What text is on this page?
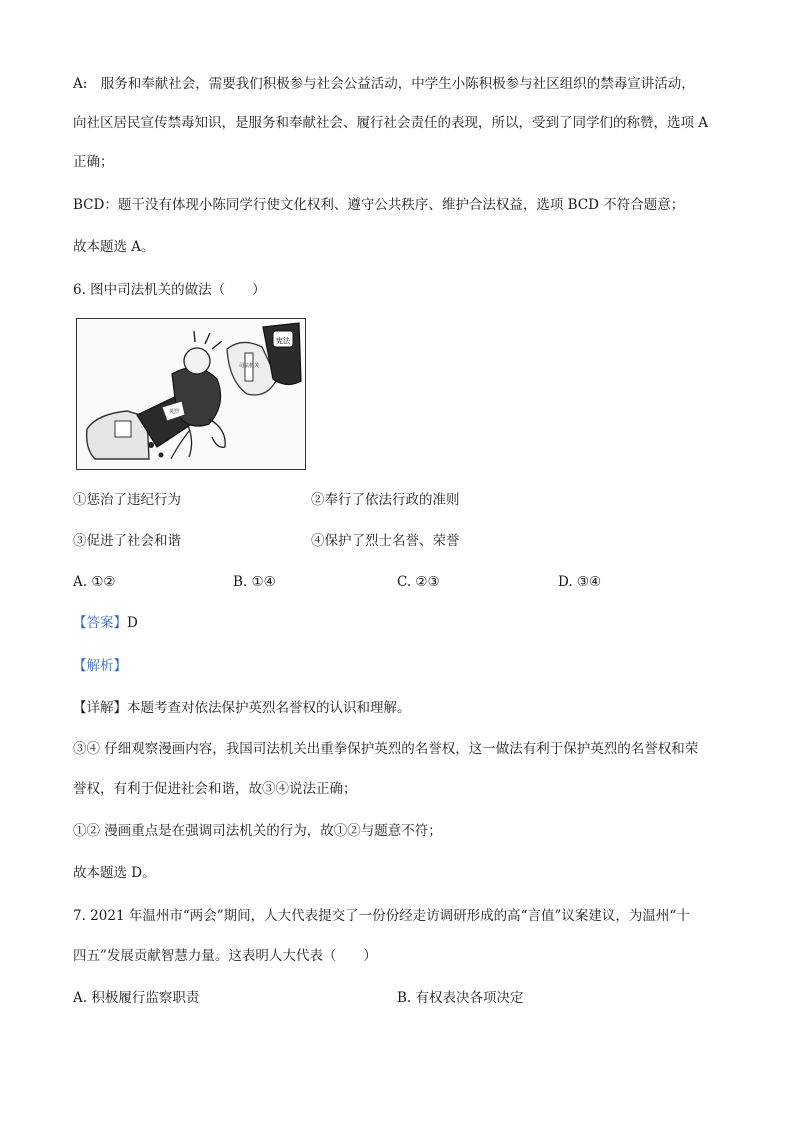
A:　服务和奉献社会，需要我们积极参与社会公益活动，中学生小陈积极参与社区组织的禁毒宣讲活动，
向社区居民宣传禁毒知识，是服务和奉献社会、履行社会责任的表现，所以，受到了同学们的称赞，选项 A
正确；
BCD：题干没有体现小陈同学行使文化权利、遵守公共秩序、维护合法权益，选项 BCD 不符合题意；
故本题选 A。
6. 图中司法机关的做法（　　）
宪法
司法机关
英烈
①惩治了违纪行为	②奉行了依法行政的准则
③促进了社会和谐	④保护了烈士名誉、荣誉
A. ①②	B. ①④	C. ②③	D. ③④
【答案】D
【解析】
【详解】本题考查对依法保护英烈名誉权的认识和理解。
③④ 仔细观察漫画内容，我国司法机关出重拳保护英烈的名誉权，这一做法有利于保护英烈的名誉权和荣
誉权，有利于促进社会和谐，故③④说法正确；
①② 漫画重点是在强调司法机关的行为，故①②与题意不符；
故本题选 D。
7. 2021 年温州市“两会”期间，人大代表提交了一份份经走访调研形成的高“言值”议案建议，为温州“十
四五”发展贡献智慧力量。这表明人大代表（　　）
A. 积极履行监察职责	B. 有权表决各项决定
